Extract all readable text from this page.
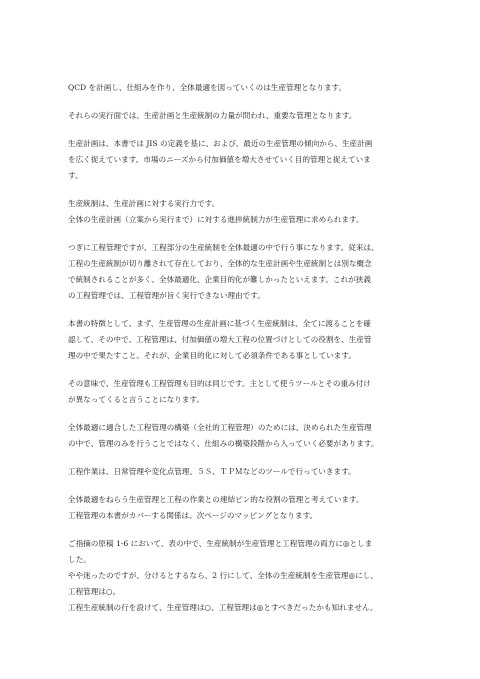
QCD を計画し、仕組みを作り、全体最適を図っていくのは生産管理となります。
それらの実行面では、生産計画と生産統制の力量が問われ、重要な管理となります。
生産計画は、本書では JIS の定義を基に、および、最近の生産管理の傾向から、生産計画
を広く捉えています。市場のニーズから付加価値を増大させていく目的管理と捉えていま
す。
生産統制は、生産計画に対する実行力です。
全体の生産計画（立案から実行まで）に対する進捗統制力が生産管理に求められます。
つぎに工程管理ですが、工程部分の生産統制を全体最適の中で行う事になります。従来は、
工程の生産統制が切り離されて存在しており、全体的な生産計画や生産統制とは別な概念
で統制されることが多く、全体最適化、企業目的化が難しかったといえます。これが狭義
の工程管理では、工程管理が旨く実行できない理由です。
本書の特徴として、まず、生産管理の生産計画に基づく生産統制は、全てに渡ることを確
認して、その中で、工程管理は、付加価値の増大工程の位置づけとしての役割を、生産管
理の中で果たすこと。それが、企業目的化に対して必須条件である事としています。
その意味で、生産管理も工程管理も目的は同じです。主として使うツールとその重み付け
が異なってくると言うことになります。
全体最適に適合した工程管理の構築（全社的工程管理）のためには、決められた生産管理
の中で、管理のみを行うことではなく、仕組みの構築段階から入っていく必要があります。
工程作業は、日常管理や変化点管理、５Ｓ、ＴＰＭなどのツールで行っていきます。
全体最適をねらう生産管理と工程の作業との連結ピン的な役割の管理と考えています。
工程管理の本書がカバーする関係は、次ページのマッピングとなります。
ご指摘の原稿 1-6 において、表の中で、生産統制が生産管理と工程管理の両方に◎としま
した。
やや迷ったのですが、分けるとするなら、2 行にして、全体の生産統制を生産管理◎にし、
工程管理は○。
工程生産統制の行を設けて、生産管理は○、工程管理は◎とすべきだったかも知れません。
